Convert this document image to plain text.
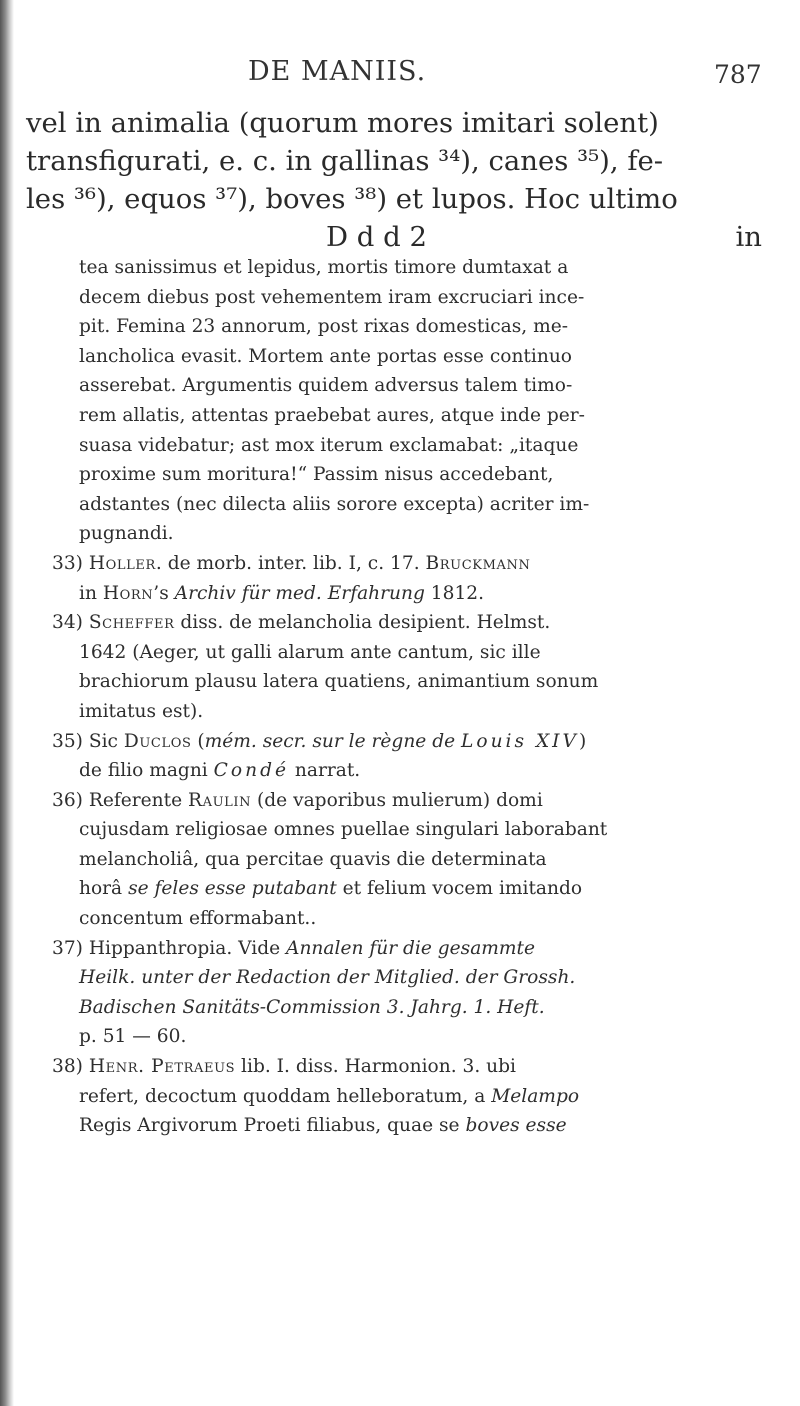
DE MANIIS.	787
vel in animalia (quorum mores imitari solent)
transfigurati, e. c. in gallinas ³⁴), canes ³⁵), fe-
les ³⁶), equos ³⁷), boves ³⁸) et lupos. Hoc ultimo
D d d 2	in
tea sanissimus et lepidus, mortis timore dumtaxat a
decem diebus post vehementem iram excruciari ince-
pit. Femina 23 annorum, post rixas domesticas, me-
lancholica evasit. Mortem ante portas esse continuo
asserebat. Argumentis quidem adversus talem timo-
rem allatis, attentas praebebat aures, atque inde per-
suasa videbatur; ast mox iterum exclamabat: „itaque
proxime sum moritura!“ Passim nisus accedebant,
adstantes (nec dilecta aliis sorore excepta) acriter im-
pugnandi.
33) Holler. de morb. inter. lib. I, c. 17. Bruckmann
in Horn’s Archiv für med. Erfahrung 1812.
34) Scheffer diss. de melancholia desipient. Helmst.
1642 (Aeger, ut galli alarum ante cantum, sic ille
brachiorum plausu latera quatiens, animantium sonum
imitatus est).
35) Sic Duclos (mém. secr. sur le règne de Louis XIV)
de filio magni Condé narrat.
36) Referente Raulin (de vaporibus mulierum) domi
cujusdam religiosae omnes puellae singulari laborabant
melancholiâ, qua percitae quavis die determinata
horâ se feles esse putabant et felium vocem imitando
concentum efformabant..
37) Hippanthropia. Vide Annalen für die gesammte
Heilk. unter der Redaction der Mitglied. der Grossh.
Badischen Sanitäts-Commission 3. Jahrg. 1. Heft.
p. 51 — 60.
38) Henr. Petraeus lib. I. diss. Harmonion. 3. ubi
refert, decoctum quoddam helleboratum, a Melampo
Regis Argivorum Proeti filiabus, quae se boves esse
